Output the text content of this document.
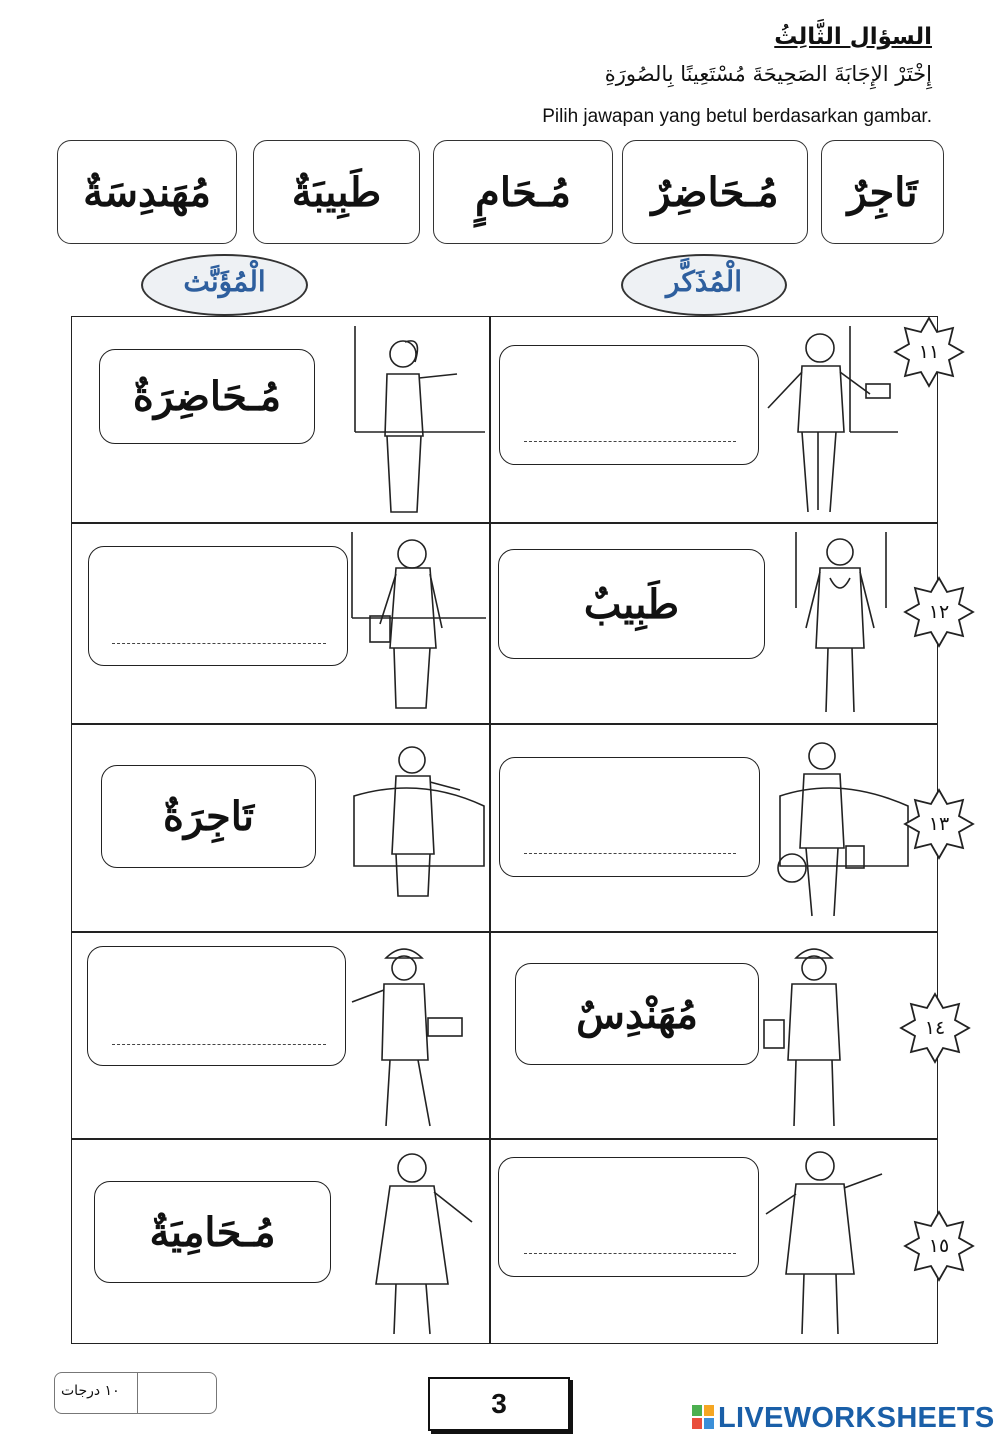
السؤال الثَّالِثُ
إِخْتَرْ الإِجَابَةَ الصَحِيحَةَ مُسْتَعِينًا بِالصُورَةِ
Pilih jawapan yang betul berdasarkan gambar.
تَاجِرٌ
مُـحَاضِرٌ
مُـحَامٍ
طَبِيبَةٌ
مُهَندِسَةٌ
الْمُذَكَّر
الْمُؤَنَّث
مُـحَاضِرَةٌ
طَبِيبٌ
تَاجِرَةٌ
مُهَنْدِسٌ
مُـحَامِيَةٌ
١١
١٢
١٣
١٤
١٥
١٠ درجات	3	LIVEWORKSHEETS
